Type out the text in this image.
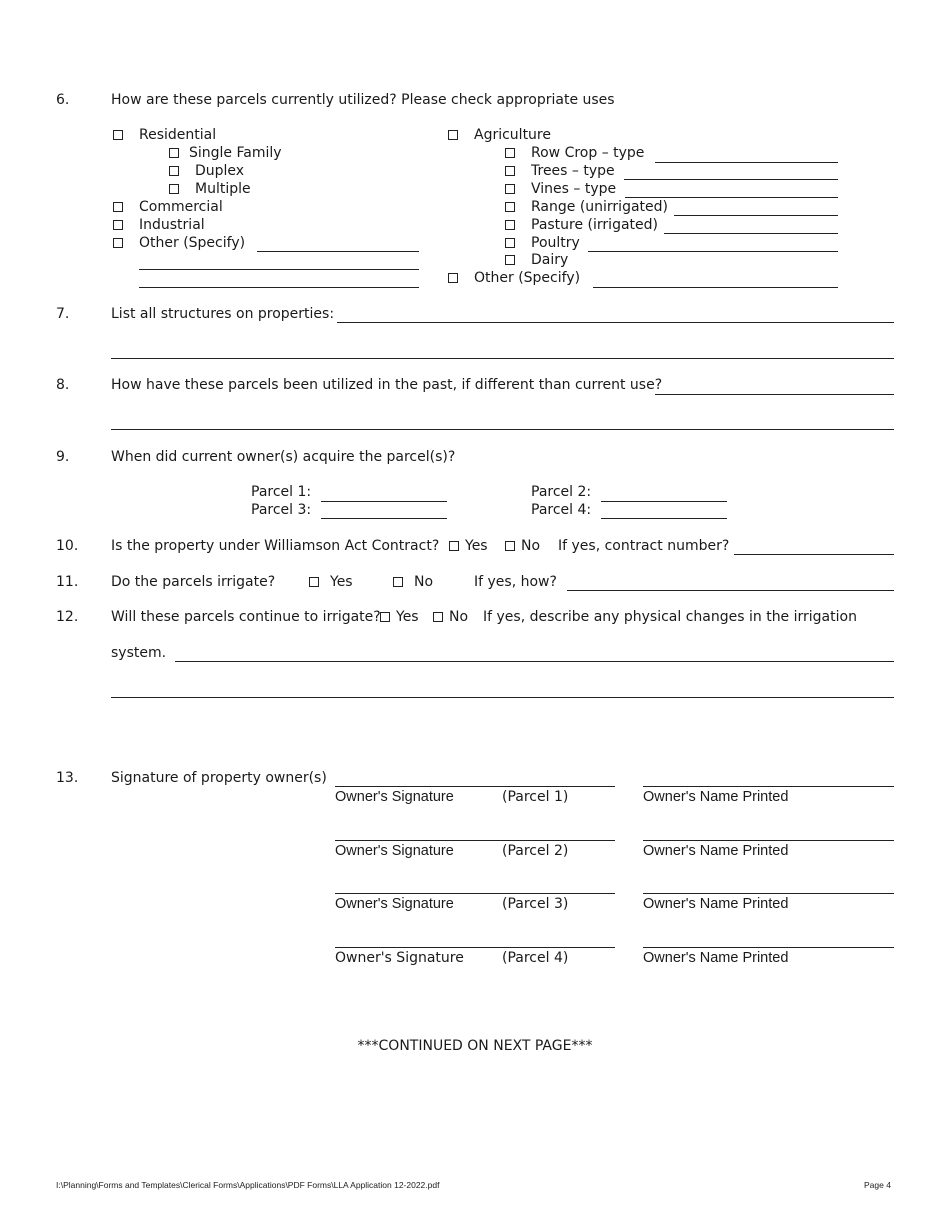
6.	How are these parcels currently utilized? Please check appropriate uses
Residential
Single Family
Duplex
Multiple
Commercial
Industrial
Other (Specify)
Agriculture
Row Crop – type
Trees – type
Vines – type
Range (unirrigated)
Pasture (irrigated)
Poultry
Dairy
Other (Specify)
7.	List all structures on properties:
8.	How have these parcels been utilized in the past, if different than current use?
9.	When did current owner(s) acquire the parcel(s)?
Parcel 1:	Parcel 2:
Parcel 3:	Parcel 4:
10. Is the property under Williamson Act Contract? Yes No If yes, contract number?
11. Do the parcels irrigate?	Yes	No	If yes, how?
12. Will these parcels continue to irrigate? Yes No If yes, describe any physical changes in the irrigation
system.
13. Signature of property owner(s)
Owner's Signature	(Parcel 1)	Owner's Name Printed
Owner's Signature	(Parcel 2)	Owner's Name Printed
Owner's Signature	(Parcel 3)	Owner's Name Printed
Owner's Signature	(Parcel 4)	Owner's Name Printed
***CONTINUED ON NEXT PAGE***
I:\Planning\Forms and Templates\Clerical Forms\Applications\PDF Forms\LLA Application 12-2022.pdf	Page 4
